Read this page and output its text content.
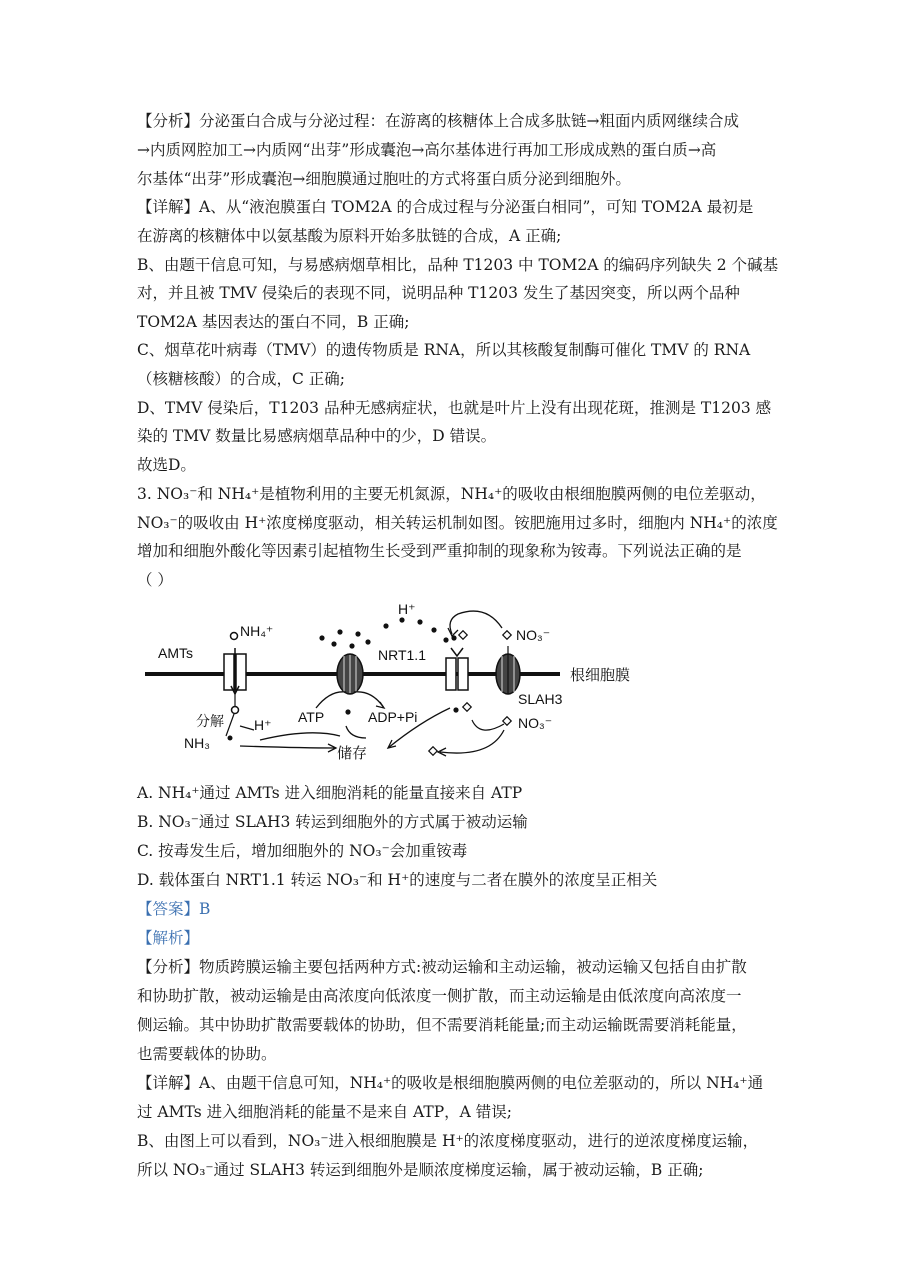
【分析】分泌蛋白合成与分泌过程：在游离的核糖体上合成多肽链→粗面内质网继续合成
→内质网腔加工→内质网“出芽”形成囊泡→高尔基体进行再加工形成成熟的蛋白质→高
尔基体“出芽”形成囊泡→细胞膜通过胞吐的方式将蛋白质分泌到细胞外。
【详解】A、从“液泡膜蛋白 TOM2A 的合成过程与分泌蛋白相同”，可知 TOM2A 最初是
在游离的核糖体中以氨基酸为原料开始多肽链的合成，A 正确;
B、由题干信息可知，与易感病烟草相比，品种 T1203 中 TOM2A 的编码序列缺失 2 个碱基
对，并且被 TMV 侵染后的表现不同，说明品种 T1203 发生了基因突变，所以两个品种
TOM2A 基因表达的蛋白不同，B 正确;
C、烟草花叶病毒（TMV）的遗传物质是 RNA，所以其核酸复制酶可催化 TMV 的 RNA
（核糖核酸）的合成，C 正确;
D、TMV 侵染后，T1203 品种无感病症状，也就是叶片上没有出现花斑，推测是 T1203 感
染的 TMV 数量比易感病烟草品种中的少，D 错误。
故选D。
3. NO₃⁻和 NH₄⁺是植物利用的主要无机氮源，NH₄⁺的吸收由根细胞膜两侧的电位差驱动，
NO₃⁻的吸收由 H⁺浓度梯度驱动，相关转运机制如图。铵肥施用过多时，细胞内 NH₄⁺的浓度
增加和细胞外酸化等因素引起植物生长受到严重抑制的现象称为铵毒。下列说法正确的是
（ ）
根细胞膜
AMTs
NH₄⁺
分解
NH₃
H⁺
H⁺
ATP	ADP+Pi
储存
NRT1.1
SLAH3
NO₃⁻
NO₃⁻
A. NH₄⁺通过 AMTs 进入细胞消耗的能量直接来自 ATP
B. NO₃⁻通过 SLAH3 转运到细胞外的方式属于被动运输
C. 按毒发生后，增加细胞外的 NO₃⁻会加重铵毒
D. 载体蛋白 NRT1.1 转运 NO₃⁻和 H⁺的速度与二者在膜外的浓度呈正相关
【答案】B
【解析】
【分析】物质跨膜运输主要包括两种方式:被动运输和主动运输，被动运输又包括自由扩散
和协助扩散，被动运输是由高浓度向低浓度一侧扩散，而主动运输是由低浓度向高浓度一
侧运输。其中协助扩散需要载体的协助，但不需要消耗能量;而主动运输既需要消耗能量，
也需要载体的协助。
【详解】A、由题干信息可知，NH₄⁺的吸收是根细胞膜两侧的电位差驱动的，所以 NH₄⁺通
过 AMTs 进入细胞消耗的能量不是来自 ATP，A 错误;
B、由图上可以看到，NO₃⁻进入根细胞膜是 H⁺的浓度梯度驱动，进行的逆浓度梯度运输，
所以 NO₃⁻通过 SLAH3 转运到细胞外是顺浓度梯度运输，属于被动运输，B 正确;
